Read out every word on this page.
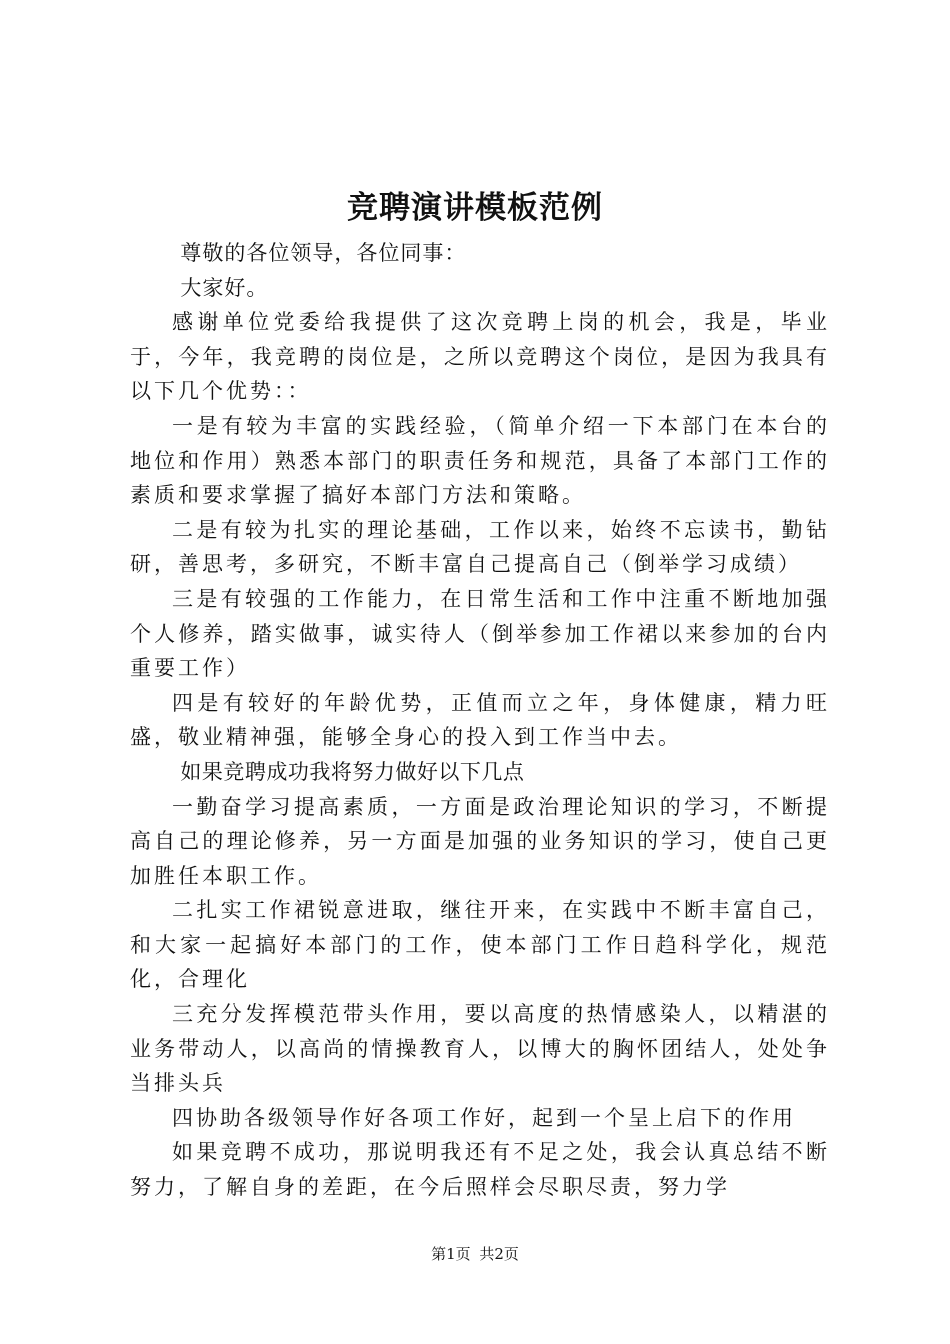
竞聘演讲模板范例

尊敬的各位领导，各位同事：

大家好。

感谢单位党委给我提供了这次竞聘上岗的机会，我是，毕业于，今年，我竞聘的岗位是，之所以竞聘这个岗位，是因为我具有以下几个优势：：

一是有较为丰富的实践经验，（简单介绍一下本部门在本台的地位和作用）熟悉本部门的职责任务和规范，具备了本部门工作的素质和要求掌握了搞好本部门方法和策略。

二是有较为扎实的理论基础，工作以来，始终不忘读书，勤钻研，善思考，多研究，不断丰富自己提高自己（倒举学习成绩）

三是有较强的工作能力，在日常生活和工作中注重不断地加强个人修养，踏实做事，诚实待人（倒举参加工作裙以来参加的台内重要工作）

四是有较好的年龄优势，正值而立之年，身体健康，精力旺盛，敬业精神强，能够全身心的投入到工作当中去。

如果竞聘成功我将努力做好以下几点

一勤奋学习提高素质，一方面是政治理论知识的学习，不断提高自己的理论修养，另一方面是加强的业务知识的学习，使自己更加胜任本职工作。

二扎实工作裙锐意进取，继往开来，在实践中不断丰富自己，和大家一起搞好本部门的工作，使本部门工作日趋科学化，规范化，合理化

三充分发挥模范带头作用，要以高度的热情感染人，以精湛的业务带动人，以高尚的情操教育人，以博大的胸怀团结人，处处争当排头兵

四协助各级领导作好各项工作好，起到一个呈上启下的作用

如果竞聘不成功，那说明我还有不足之处，我会认真总结不断努力，了解自身的差距，在今后照样会尽职尽责，努力学

第1页 共2页
